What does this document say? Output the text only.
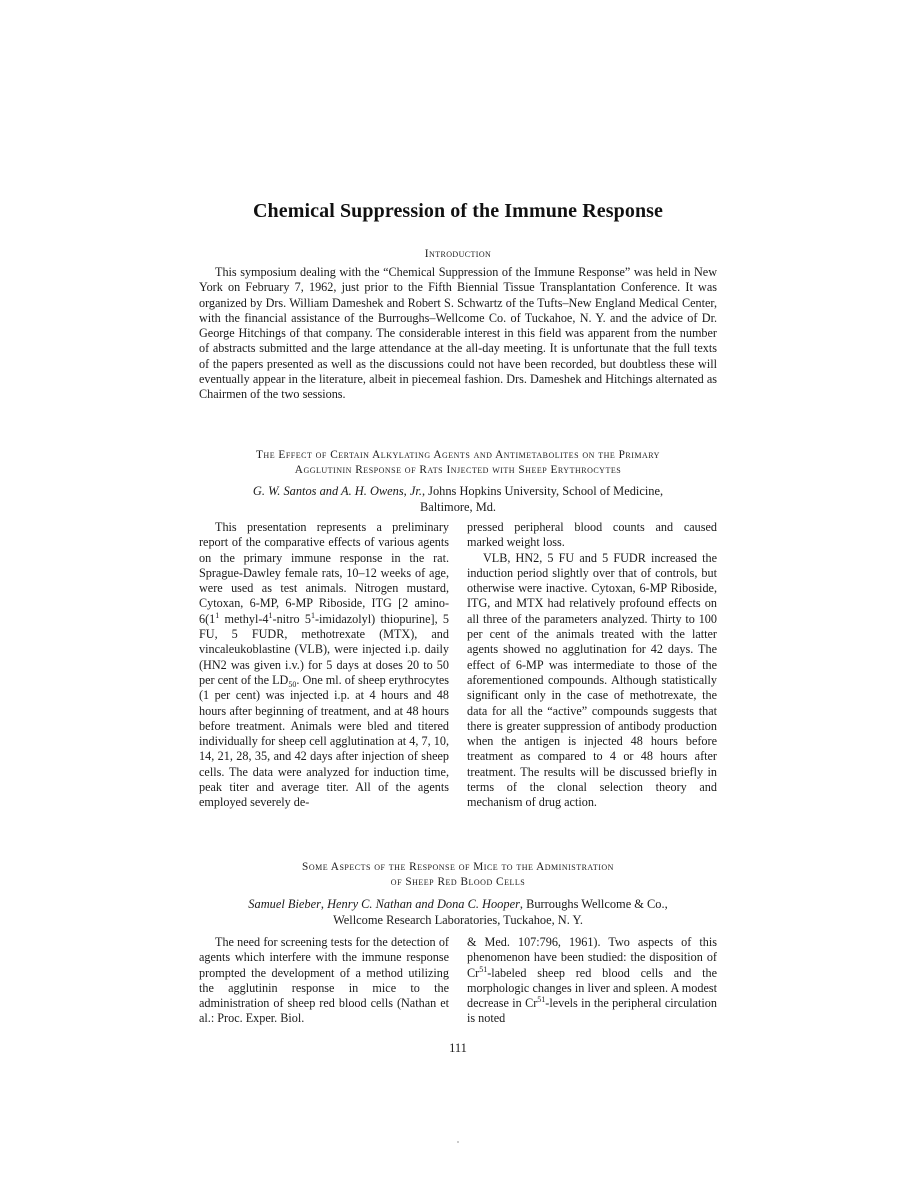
Chemical Suppression of the Immune Response
Introduction

This symposium dealing with the “Chemical Suppression of the Immune Response” was held in New York on February 7, 1962, just prior to the Fifth Biennial Tissue Transplantation Conference. It was organized by Drs. William Dameshek and Robert S. Schwartz of the Tufts–New England Medical Center, with the financial assistance of the Burroughs–Wellcome Co. of Tuckahoe, N. Y. and the advice of Dr. George Hitchings of that company. The considerable interest in this field was apparent from the number of abstracts submitted and the large attendance at the all-day meeting. It is unfortunate that the full texts of the papers presented as well as the discussions could not have been recorded, but doubtless these will eventually appear in the literature, albeit in piecemeal fashion. Drs. Dameshek and Hitchings alternated as Chairmen of the two sessions.

The Effect of Certain Alkylating Agents and Antimetabolites on the Primary
Agglutinin Response of Rats Injected with Sheep Erythrocytes
G. W. Santos and A. H. Owens, Jr., Johns Hopkins University, School of Medicine,
Baltimore, Md.

This presentation represents a preliminary report of the comparative effects of various agents on the primary immune response in the rat. Sprague-Dawley female rats, 10–12 weeks of age, were used as test animals. Nitrogen mustard, Cytoxan, 6-MP, 6-MP Riboside, ITG [2 amino-$6(1^1$ methyl-$4^1$-nitro $5^1-imidazolyl$) thiopurine], 5 FU, 5 FUDR, methotrexate (MTX), and vincaleukoblastine (VLB), were injected i.p. daily (HN2 was given i.v.) for 5 days at doses 20 to 50 per cent of the $LD_{50}$. One ml. of sheep erythrocytes (1 per cent) was injected i.p. at 4 hours and 48 hours after beginning of treatment, and at 48 hours before treatment. Animals were bled and titered individually for sheep cell agglutination at 4, 7, 10, 14, 21, 28, 35, and 42 days after injection of sheep cells. The data were analyzed for induction time, peak titer and average titer. All of the agents employed severely de-

pressed peripheral blood counts and caused marked weight loss.

VLB, HN2, 5 FU and 5 FUDR increased the induction period slightly over that of controls, but otherwise were inactive. Cytoxan, 6-MP Riboside, ITG, and MTX had relatively profound effects on all three of the parameters analyzed. Thirty to 100 per cent of the animals treated with the latter agents showed no agglutination for 42 days. The effect of 6-MP was intermediate to those of the aforementioned compounds. Although statistically significant only in the case of methotrexate, the data for all the “active” compounds suggests that there is greater suppression of antibody production when the antigen is injected 48 hours before treatment as compared to 4 or 48 hours after treatment. The results will be discussed briefly in terms of the clonal selection theory and mechanism of drug action.

Some Aspects of the Response of Mice to the Administration
of Sheep Red Blood Cells
Samuel Bieber, Henry C. Nathan and Dona C. Hooper, Burroughs Wellcome & Co.,
Wellcome Research Laboratories, Tuckahoe, N. Y.

The need for screening tests for the detection of agents which interfere with the immune response prompted the development of a method utilizing the agglutinin response in mice to the administration of sheep red blood cells (Nathan et al.: Proc. Exper. Biol.

& Med. 107:796, 1961). Two aspects of this phenomenon have been studied: the disposition of Cr$^{51}$-labeled sheep red blood cells and the morphologic changes in liver and spleen. A modest decrease in Cr$^{51}$-levels in the peripheral circulation is noted

111
